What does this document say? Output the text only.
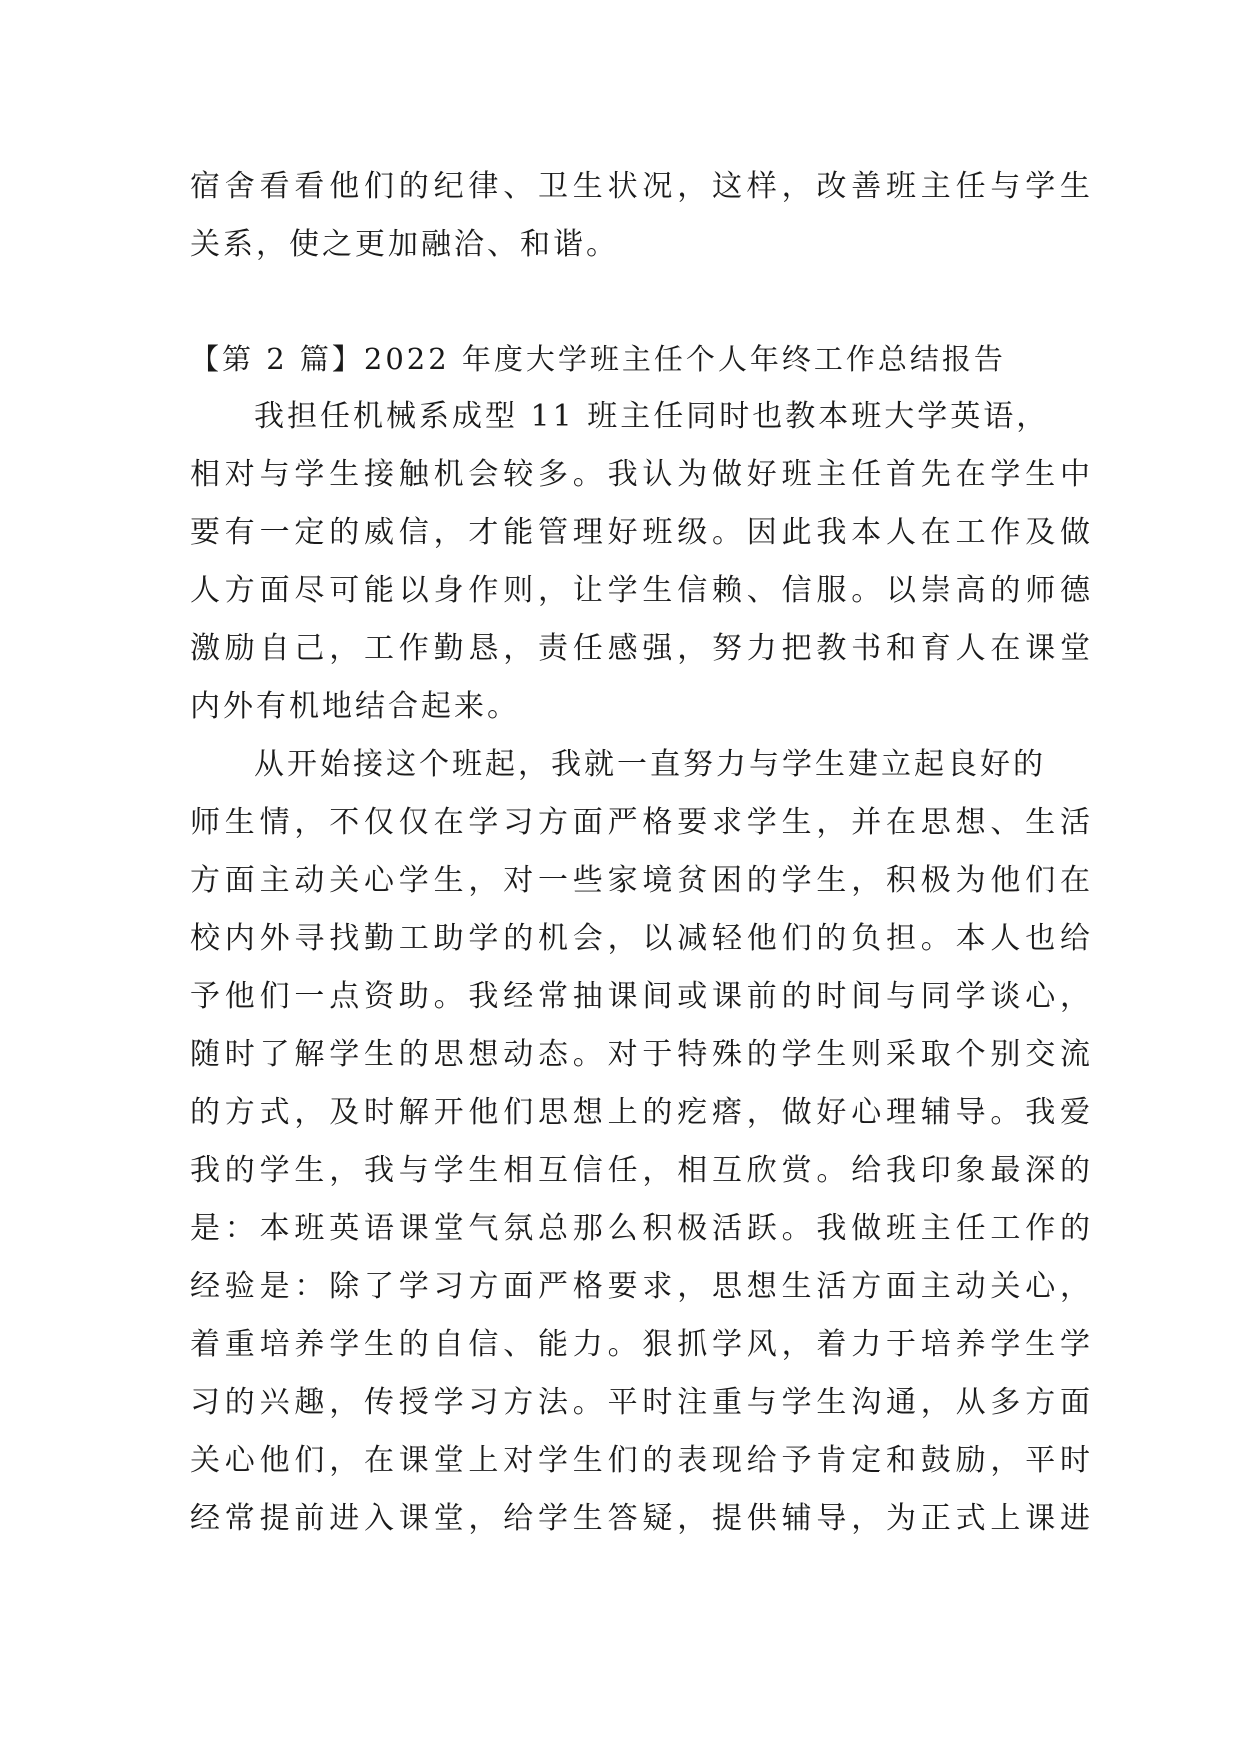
宿舍看看他们的纪律、卫生状况，这样，改善班主任与学生
关系，使之更加融洽、和谐。
【第 2 篇】2022 年度大学班主任个人年终工作总结报告
我担任机械系成型 11 班主任同时也教本班大学英语，
相对与学生接触机会较多。我认为做好班主任首先在学生中
要有一定的威信，才能管理好班级。因此我本人在工作及做
人方面尽可能以身作则，让学生信赖、信服。以崇高的师德
激励自己，工作勤恳，责任感强，努力把教书和育人在课堂
内外有机地结合起来。
从开始接这个班起，我就一直努力与学生建立起良好的
师生情，不仅仅在学习方面严格要求学生，并在思想、生活
方面主动关心学生，对一些家境贫困的学生，积极为他们在
校内外寻找勤工助学的机会，以减轻他们的负担。本人也给
予他们一点资助。我经常抽课间或课前的时间与同学谈心，
随时了解学生的思想动态。对于特殊的学生则采取个别交流
的方式，及时解开他们思想上的疙瘩，做好心理辅导。我爱
我的学生，我与学生相互信任，相互欣赏。给我印象最深的
是：本班英语课堂气氛总那么积极活跃。我做班主任工作的
经验是：除了学习方面严格要求，思想生活方面主动关心，
着重培养学生的自信、能力。狠抓学风，着力于培养学生学
习的兴趣，传授学习方法。平时注重与学生沟通，从多方面
关心他们，在课堂上对学生们的表现给予肯定和鼓励，平时
经常提前进入课堂，给学生答疑，提供辅导，为正式上课进
